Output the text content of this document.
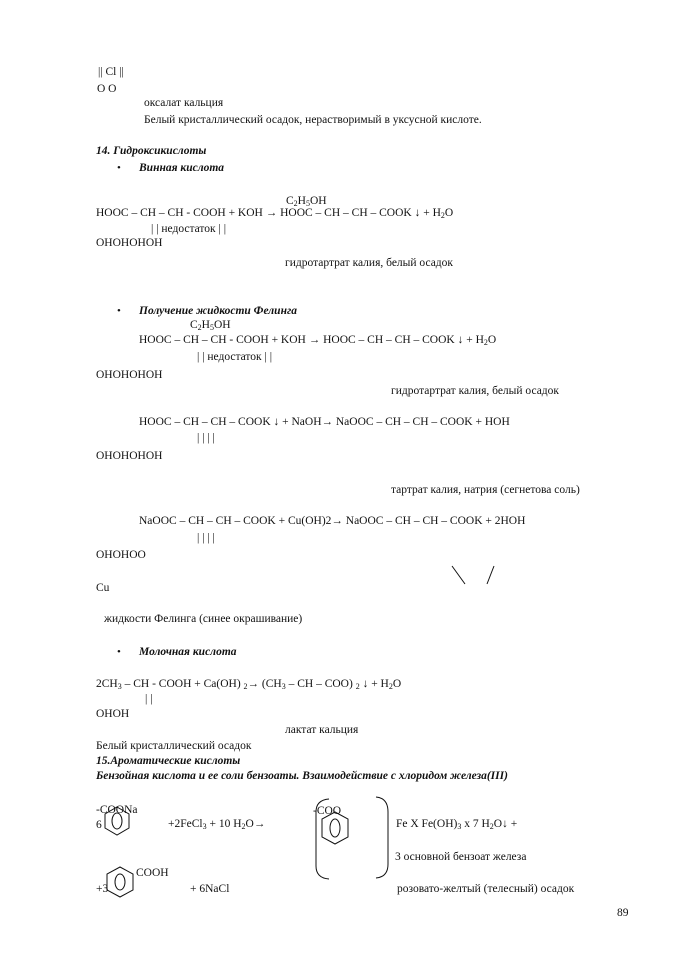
|| Cl ||
O O
оксалат кальция
Белый кристаллический осадок, нерастворимый в уксусной кислоте.
14. Гидроксикислоты
• Винная кислота
$C_2H_5OH$
HOOC – CH – CH - COOH + KOH → HOOC – CH – CH – COOK ↓ + $H_2O$
| | недостаток | |
OHOHOHOH
гидротартрат калия, белый осадок
• Получение жидкости Фелинга
$C_2H_5OH$
HOOC – CH – CH - COOH + KOH → HOOC – CH – CH – COOK ↓ + $H_2O$
| | недостаток | |
OHOHOHOH
гидротартрат калия, белый осадок
HOOC – CH – CH – COOK ↓ + NaOH→ NaOOC – CH – CH – COOK + HOH
| | | |
OHOHOHOH
тартрат калия, натрия (сегнетова соль)
NaOOC – CH – CH – COOK + Cu(OH)2→ NaOOC – CH – CH – COOK + 2HOH
| | | |
OHOHOO
Cu
жидкости Фелинга (синее окрашивание)
• Молочная кислота
$2CH_3$ – CH - COOH + Ca(OH) $_2\to (CH_3$ – CH – COO) $_2$ ↓ + $H_2O$
| |
OHOH
лактат кальция
Белый кристаллический осадок
15.Ароматические кислоты
Бензойная кислота и ее соли бензоаты. Взаимодействие с хлоридом железа(III)
-COONa
6	+2FeCl$_3$ + 10 $H_2O\to$
-COO
Fe X $Fe(OH)_3$ x 7 $H_2O↓$ +
3 основной бензоат железа
+3
COOH
+ 6NaCl	розовато-желтый (телесный) осадок
89
